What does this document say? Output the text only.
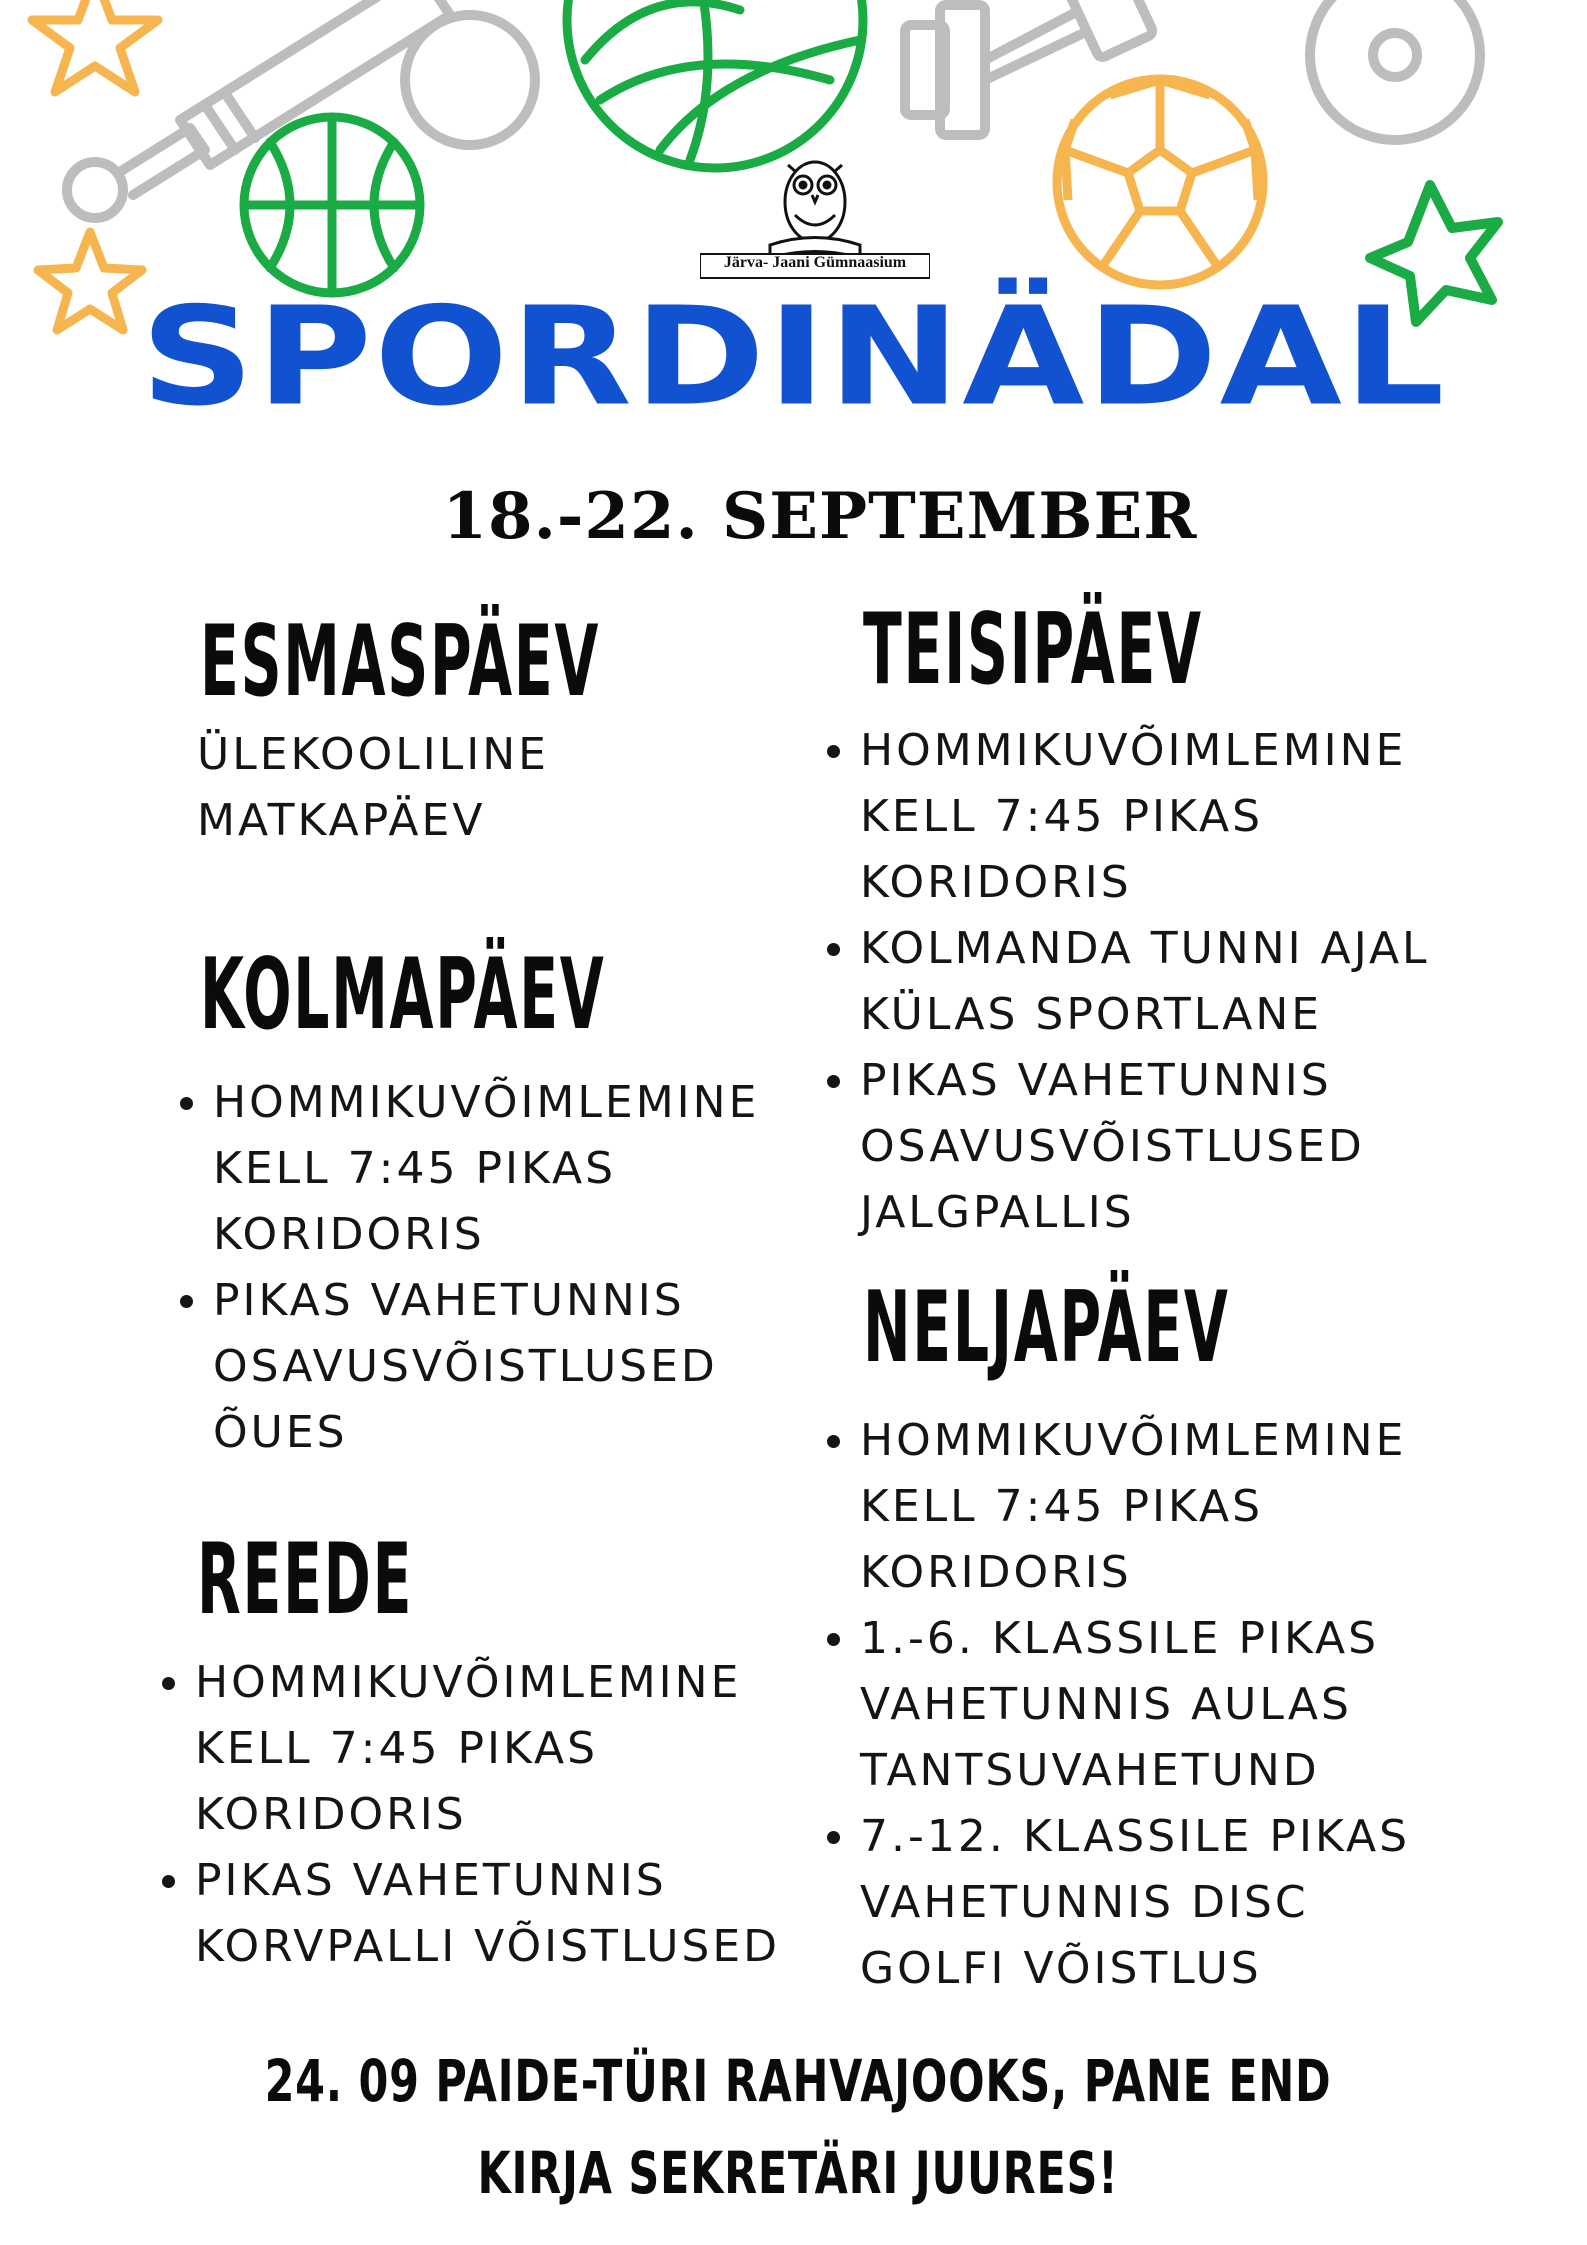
Järva- Jaani Gümnaasium
SPORDINÄDAL
18.-22. SEPTEMBER
ESMASPÄEV
ÜLEKOOLILINE
MATKAPÄEV
KOLMAPÄEV
HOMMIKUVÕIMLEMINE
KELL 7:45 PIKAS
KORIDORIS
PIKAS VAHETUNNIS
OSAVUSVÕISTLUSED
ÕUES
REEDE
HOMMIKUVÕIMLEMINE
KELL 7:45 PIKAS
KORIDORIS
PIKAS VAHETUNNIS
KORVPALLI VÕISTLUSED
TEISIPÄEV
HOMMIKUVÕIMLEMINE
KELL 7:45 PIKAS
KORIDORIS
KOLMANDA TUNNI AJAL
KÜLAS SPORTLANE
PIKAS VAHETUNNIS
OSAVUSVÕISTLUSED
JALGPALLIS
NELJAPÄEV
HOMMIKUVÕIMLEMINE
KELL 7:45 PIKAS
KORIDORIS
1.-6. KLASSILE PIKAS
VAHETUNNIS AULAS
TANTSUVAHETUND
7.-12. KLASSILE PIKAS
VAHETUNNIS DISC
GOLFI VÕISTLUS
24. 09 PAIDE-TÜRI RAHVAJOOKS, PANE END
KIRJA SEKRETÄRI JUURES!
